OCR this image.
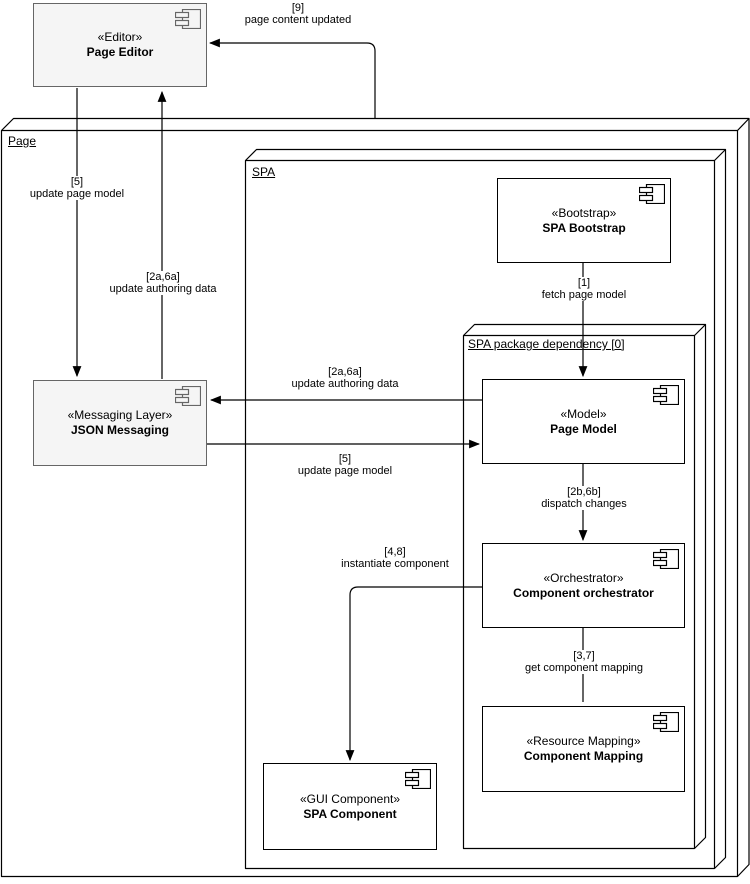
Page
SPA
SPA package dependency [0]
«Editor»
Page Editor
«Messaging Layer»
JSON Messaging
«Bootstrap»
SPA Bootstrap
«Model»
Page Model
«Orchestrator»
Component orchestrator
«Resource Mapping»
Component Mapping
«GUI Component»
SPA Component
[9]
page content updated
[5]
update page model
[2a,6a]
update authoring data	[1]
fetch page model
[2a,6a]
update authoring data
[5]
update page model
[2b,6b]
dispatch changes
[4,8]
instantiate component
[3,7]
get component mapping
